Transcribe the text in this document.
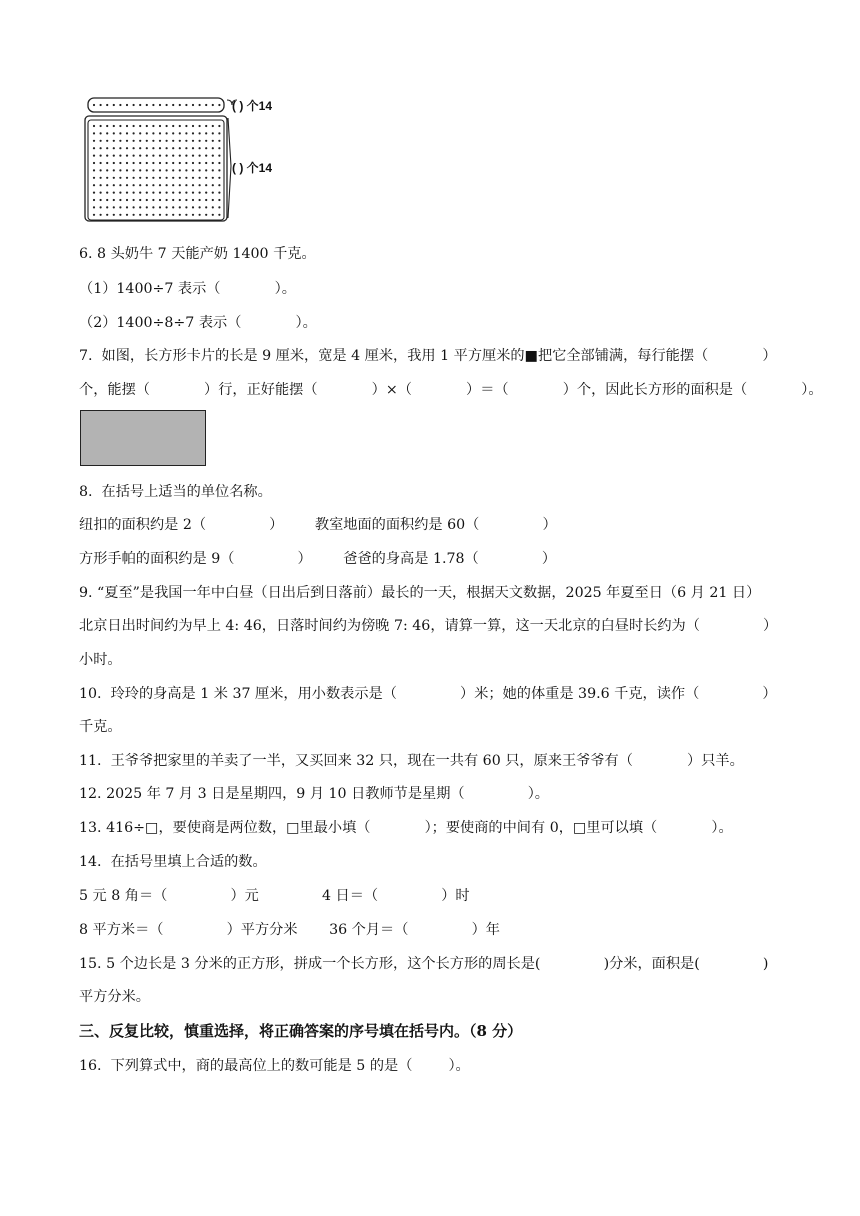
( ) 个14
( ) 个14
6. 8 头奶牛 7 天能产奶 1400 千克。
（1）1400÷7 表示（            ）。
（2）1400÷8÷7 表示（            ）。
7.  如图，长方形卡片的长是 9 厘米，宽是 4 厘米，我用 1 平方厘米的■把它全部铺满，每行能摆（            ）
个，能摆（            ）行，正好能摆（            ）×（            ）＝（            ）个，因此长方形的面积是（            ）。
8.  在括号上适当的单位名称。
纽扣的面积约是 2（              ）       教室地面的面积约是 60（              ）
方形手帕的面积约是 9（              ）       爸爸的身高是 1.78（              ）
9. “夏至”是我国一年中白昼（日出后到日落前）最长的一天，根据天文数据，2025 年夏至日（6 月 21 日）
北京日出时间约为早上 4: 46，日落时间约为傍晚 7: 46，请算一算，这一天北京的白昼时长约为（              ）
小时。
10.  玲玲的身高是 1 米 37 厘米，用小数表示是（              ）米；她的体重是 39.6 千克，读作（              ）
千克。
11.  王爷爷把家里的羊卖了一半，又买回来 32 只，现在一共有 60 只，原来王爷爷有（            ）只羊。
12. 2025 年 7 月 3 日是星期四，9 月 10 日教师节是星期（              ）。
13. 416÷□，要使商是两位数，□里最小填（            ）；要使商的中间有 0，□里可以填（            ）。
14.  在括号里填上合适的数。
5 元 8 角＝（              ）元              4 日＝（              ）时
8 平方米＝（              ）平方分米       36 个月＝（              ）年
15. 5 个边长是 3 分米的正方形，拼成一个长方形，这个长方形的周长是(              )分米，面积是(              )
平方分米。
三、反复比较，慎重选择，将正确答案的序号填在括号内。（8 分）
16.  下列算式中，商的最高位上的数可能是 5 的是（        ）。
